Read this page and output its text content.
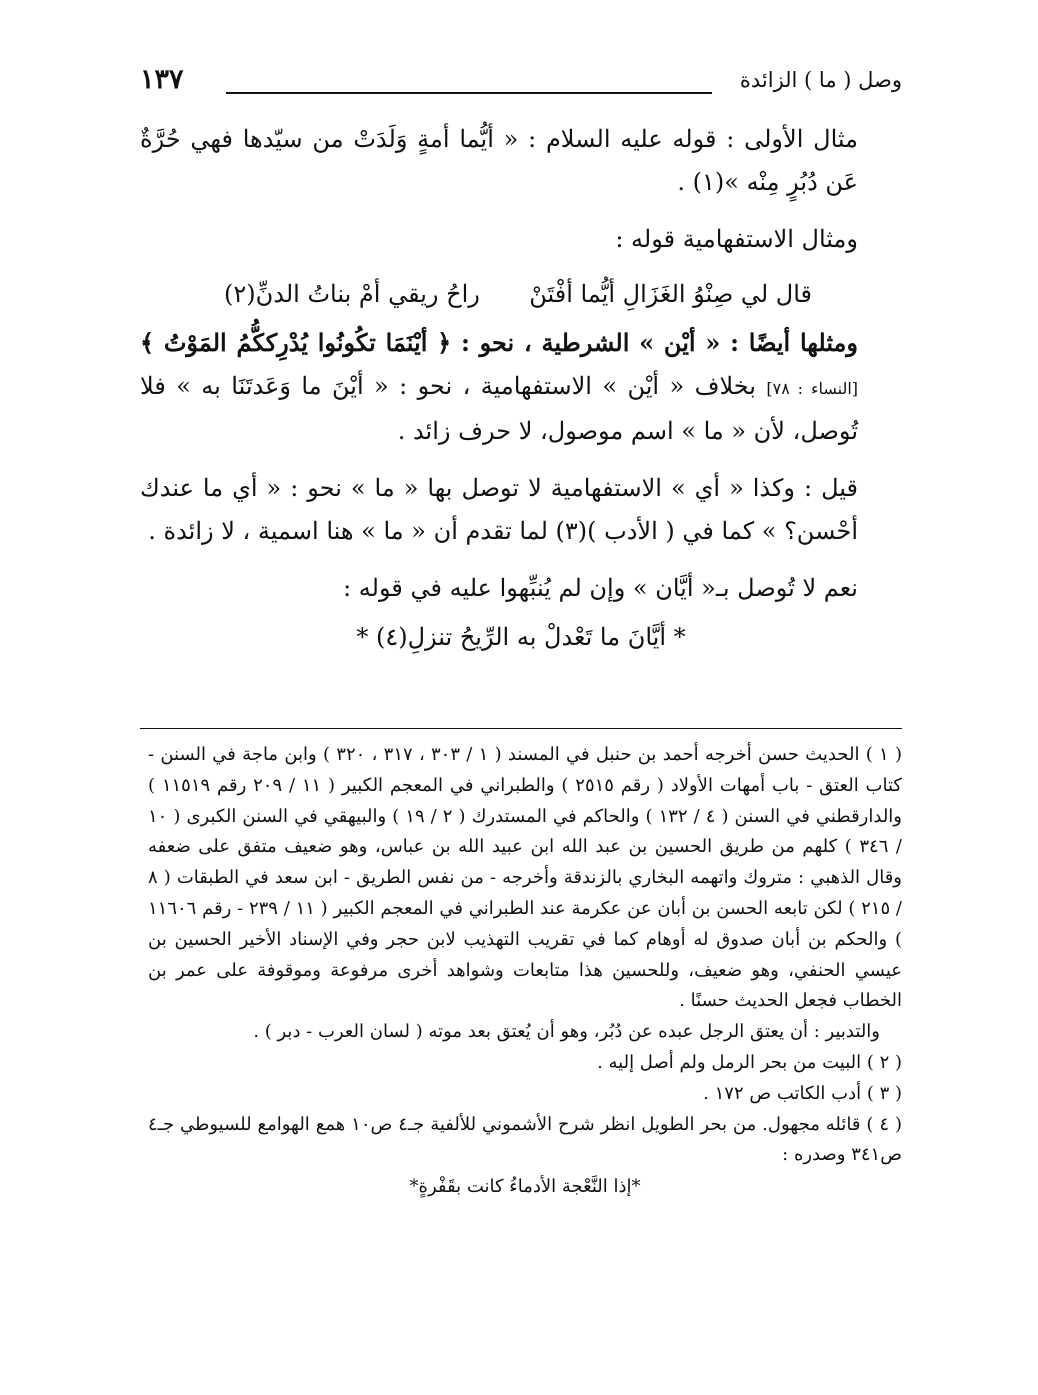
وصل ( ما ) الزائدة
١٣٧

مثال الأولى : قوله عليه السلام : « أيُّما أمةٍ وَلَدَتْ من سيّدها فهي حُرَّةٌ عَن دُبُرٍ مِنْه »(١) .

ومثال الاستفهامية قوله :

قال لي صِنْوُ الغَزَالِ أيُّما أفْتَنْ
راحُ ريقي أمْ بناتُ الدنِّ(٢)

ومثلها أيضًا : « أيْن » الشرطية ، نحو : ﴿ أيْنَمَا تكُونُوا يُدْرِككُّمُ المَوْتُ ﴾ [النساء : ٧٨] بخلاف « أيْن » الاستفهامية ، نحو : « أيْنَ ما وَعَدتَنَا به » فلا تُوصل، لأن « ما » اسم موصول، لا حرف زائد .

قيل : وكذا « أي » الاستفهامية لا توصل بها « ما » نحو : « أي ما عندك أحْسن؟ » كما في ( الأدب )(٣) لما تقدم أن « ما » هنا اسمية ، لا زائدة .

نعم لا تُوصل بـ« أيَّان » وإن لم يُنبِّهوا عليه في قوله :

* أيَّانَ ما تَعْدلْ به الرِّيحُ تنزلِ(٤) *

( ١ ) الحديث حسن أخرجه أحمد بن حنبل في المسند ( ١ / ٣٠٣ ، ٣١٧ ، ٣٢٠ ) وابن ماجة في السنن - كتاب العتق - باب أمهات الأولاد ( رقم ٢٥١٥ ) والطبراني في المعجم الكبير ( ١١ / ٢٠٩ رقم ١١٥١٩ ) والدارقطني في السنن ( ٤ / ١٣٢ ) والحاكم في المستدرك ( ٢ / ١٩ ) والبيهقي في السنن الكبرى ( ١٠ / ٣٤٦ ) كلهم من طريق الحسين بن عبد الله ابن عبيد الله بن عباس، وهو ضعيف متفق على ضعفه وقال الذهبي : متروك واتهمه البخاري بالزندقة وأخرجه - من نفس الطريق - ابن سعد في الطبقات ( ٨ / ٢١٥ ) لكن تابعه الحسن بن أبان عن عكرمة عند الطبراني في المعجم الكبير ( ١١ / ٢٣٩ - رقم ١١٦٠٦ ) والحكم بن أبان صدوق له أوهام كما في تقريب التهذيب لابن حجر وفي الإسناد الأخير الحسين بن عيسي الحنفي، وهو ضعيف، وللحسين هذا متابعات وشواهد أخرى مرفوعة وموقوفة على عمر بن الخطاب فجعل الحديث حسنًا .

والتدبير : أن يعتق الرجل عبده عن دُبُر، وهو أن يُعتق بعد موته ( لسان العرب - دبر ) .

( ٢ ) البيت من بحر الرمل ولم أصل إليه .

( ٣ ) أدب الكاتب ص ١٧٢ .

( ٤ ) قائله مجهول. من بحر الطويل انظر شرح الأشموني للألفية جـ٤ ص١٠ همع الهوامع للسيوطي جـ٤ ص٣٤١ وصدره :

*إذا النَّعْجة الأدماءُ كانت بقَفْرةٍ*
